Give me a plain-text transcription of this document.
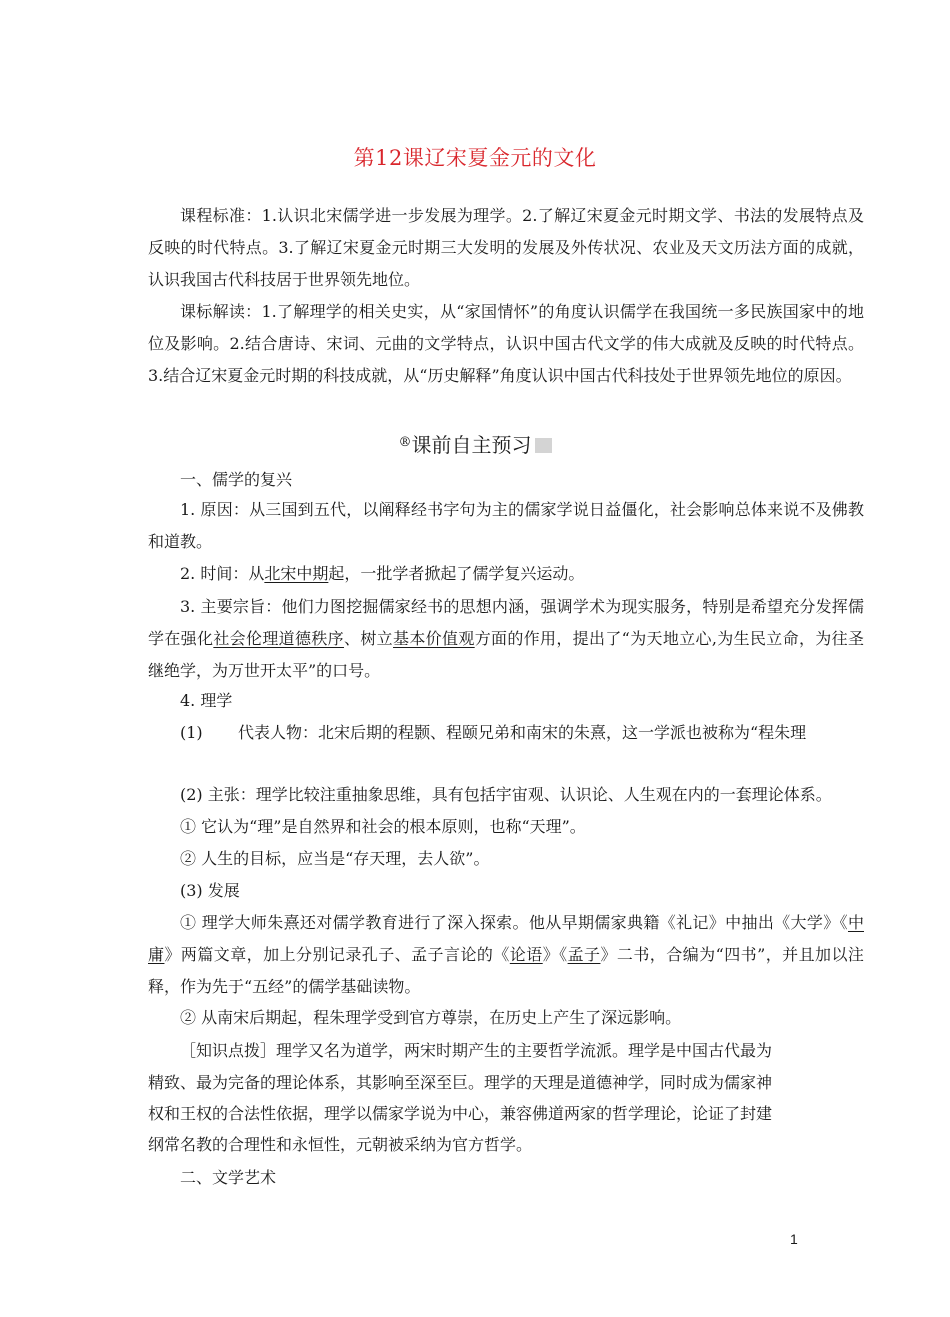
第12课辽宋夏金元的文化

课程标准：1.认识北宋儒学进一步发展为理学。2.了解辽宋夏金元时期文学、书法的发展特点及反映的时代特点。3.了解辽宋夏金元时期三大发明的发展及外传状况、农业及天文历法方面的成就，认识我国古代科技居于世界领先地位。

课标解读：1.了解理学的相关史实，从“家国情怀”的角度认识儒学在我国统一多民族国家中的地位及影响。2.结合唐诗、宋词、元曲的文学特点，认识中国古代文学的伟大成就及反映的时代特点。3.结合辽宋夏金元时期的科技成就，从“历史解释”角度认识中国古代科技处于世界领先地位的原因。

®课前自主预习
一、儒学的复兴

1. 原因：从三国到五代，以阐释经书字句为主的儒家学说日益僵化，社会影响总体来说不及佛教和道教。

2. 时间：从北宋中期起，一批学者掀起了儒学复兴运动。

3. 主要宗旨：他们力图挖掘儒家经书的思想内涵，强调学术为现实服务，特别是希望充分发挥儒学在强化社会伦理道德秩序、树立基本价值观方面的作用，提出了“为天地立心,为生民立命，为往圣继绝学，为万世开太平”的口号。

4. 理学
(1) 代表人物：北宋后期的程颢、程颐兄弟和南宋的朱熹，这一学派也被称为“程朱理
(2) 主张：理学比较注重抽象思维，具有包括宇宙观、认识论、人生观在内的一套理论体系。
① 它认为“理”是自然界和社会的根本原则，也称“天理”。
② 人生的目标，应当是“存天理，去人欲”。
(3) 发展

① 理学大师朱熹还对儒学教育进行了深入探索。他从早期儒家典籍《礼记》中抽出《大学》《中庸》两篇文章，加上分别记录孔子、孟子言论的《论语》《孟子》二书，合编为“四书”，并且加以注释，作为先于“五经”的儒学基础读物。

② 从南宋后期起，程朱理学受到官方尊崇，在历史上产生了深远影响。
［知识点拨］理学又名为道学，两宋时期产生的主要哲学流派。理学是中国古代最为
精致、最为完备的理论体系，其影响至深至巨。理学的天理是道德神学，同时成为儒家神
权和王权的合法性依据，理学以儒家学说为中心，兼容佛道两家的哲学理论，论证了封建
纲常名教的合理性和永恒性，元朝被采纳为官方哲学。
二、文学艺术
1
